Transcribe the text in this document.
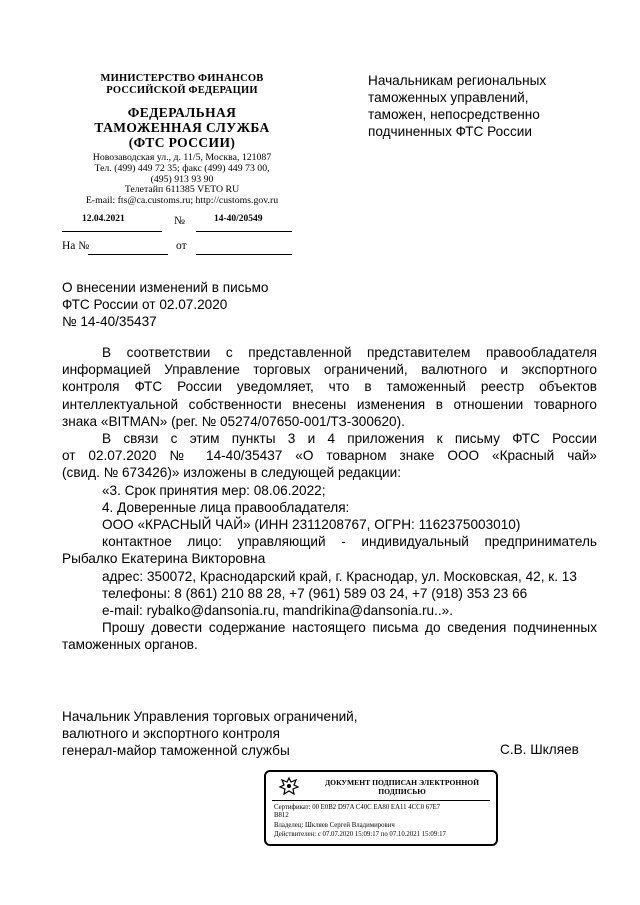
МИНИСТЕРСТВО ФИНАНСОВ
РОССИЙСКОЙ ФЕДЕРАЦИИ
ФЕДЕРАЛЬНАЯ
ТАМОЖЕННАЯ СЛУЖБА
(ФТС РОССИИ)
Новозаводская ул., д. 11/5, Москва, 121087
Тел. (499) 449 72 35; факс (499) 449 73 00,
(495) 913 93 90
Телетайп 611385 VETO RU
E-mail: fts@ca.customs.ru; http://customs.gov.ru
12.04.2021	№	14-40/20549
На №	от
Начальникам региональных
таможенных управлений,
таможен, непосредственно
подчиненных ФТС России
О внесении изменений в письмо
ФТС России от 02.07.2020
№ 14-40/35437

В соответствии с представленной представителем правообладателя

информацией Управление торговых ограничений, валютного и экспортного

контроля ФТС России уведомляет, что в таможенный реестр объектов

интеллектуальной собственности внесены изменения в отношении товарного

знака «BITMAN» (рег. № 05274/07650-001/ТЗ-300620).

В связи с этим пункты 3 и 4 приложения к письму ФТС России

от 02.07.2020 № 14-40/35437 «О товарном знаке ООО «Красный чай»

(свид. № 673426)» изложены в следующей редакции:

«3. Срок принятия мер: 08.06.2022;

4. Доверенные лица правообладателя:

ООО «КРАСНЫЙ ЧАЙ» (ИНН 2311208767, ОГРН: 1162375003010)

контактное лицо: управляющий - индивидуальный предприниматель

Рыбалко Екатерина Викторовна

адрес: 350072, Краснодарский край, г. Краснодар, ул. Московская, 42, к. 13

телефоны: 8 (861) 210 88 28, +7 (961) 589 03 24, +7 (918) 353 23 66

e-mail: rybalko@dansonia.ru, mandrikina@dansonia.ru..».

Прошу довести содержание настоящего письма до сведения подчиненных

таможенных органов.

Начальник Управления торговых ограничений,
валютного и экспортного контроля
генерал-майор таможенной службы	С.В. Шкляев
ДОКУМЕНТ ПОДПИСАН ЭЛЕКТРОННОЙ
ПОДПИСЬЮ
Сертификат: 00 E0B2 D97A C40C EA80 EA11 4CC0 67E7
B812
Владелец: Шкляев Сергей Владимирович
Действителен: с 07.07.2020 15:09:17 по 07.10.2021 15:09:17
